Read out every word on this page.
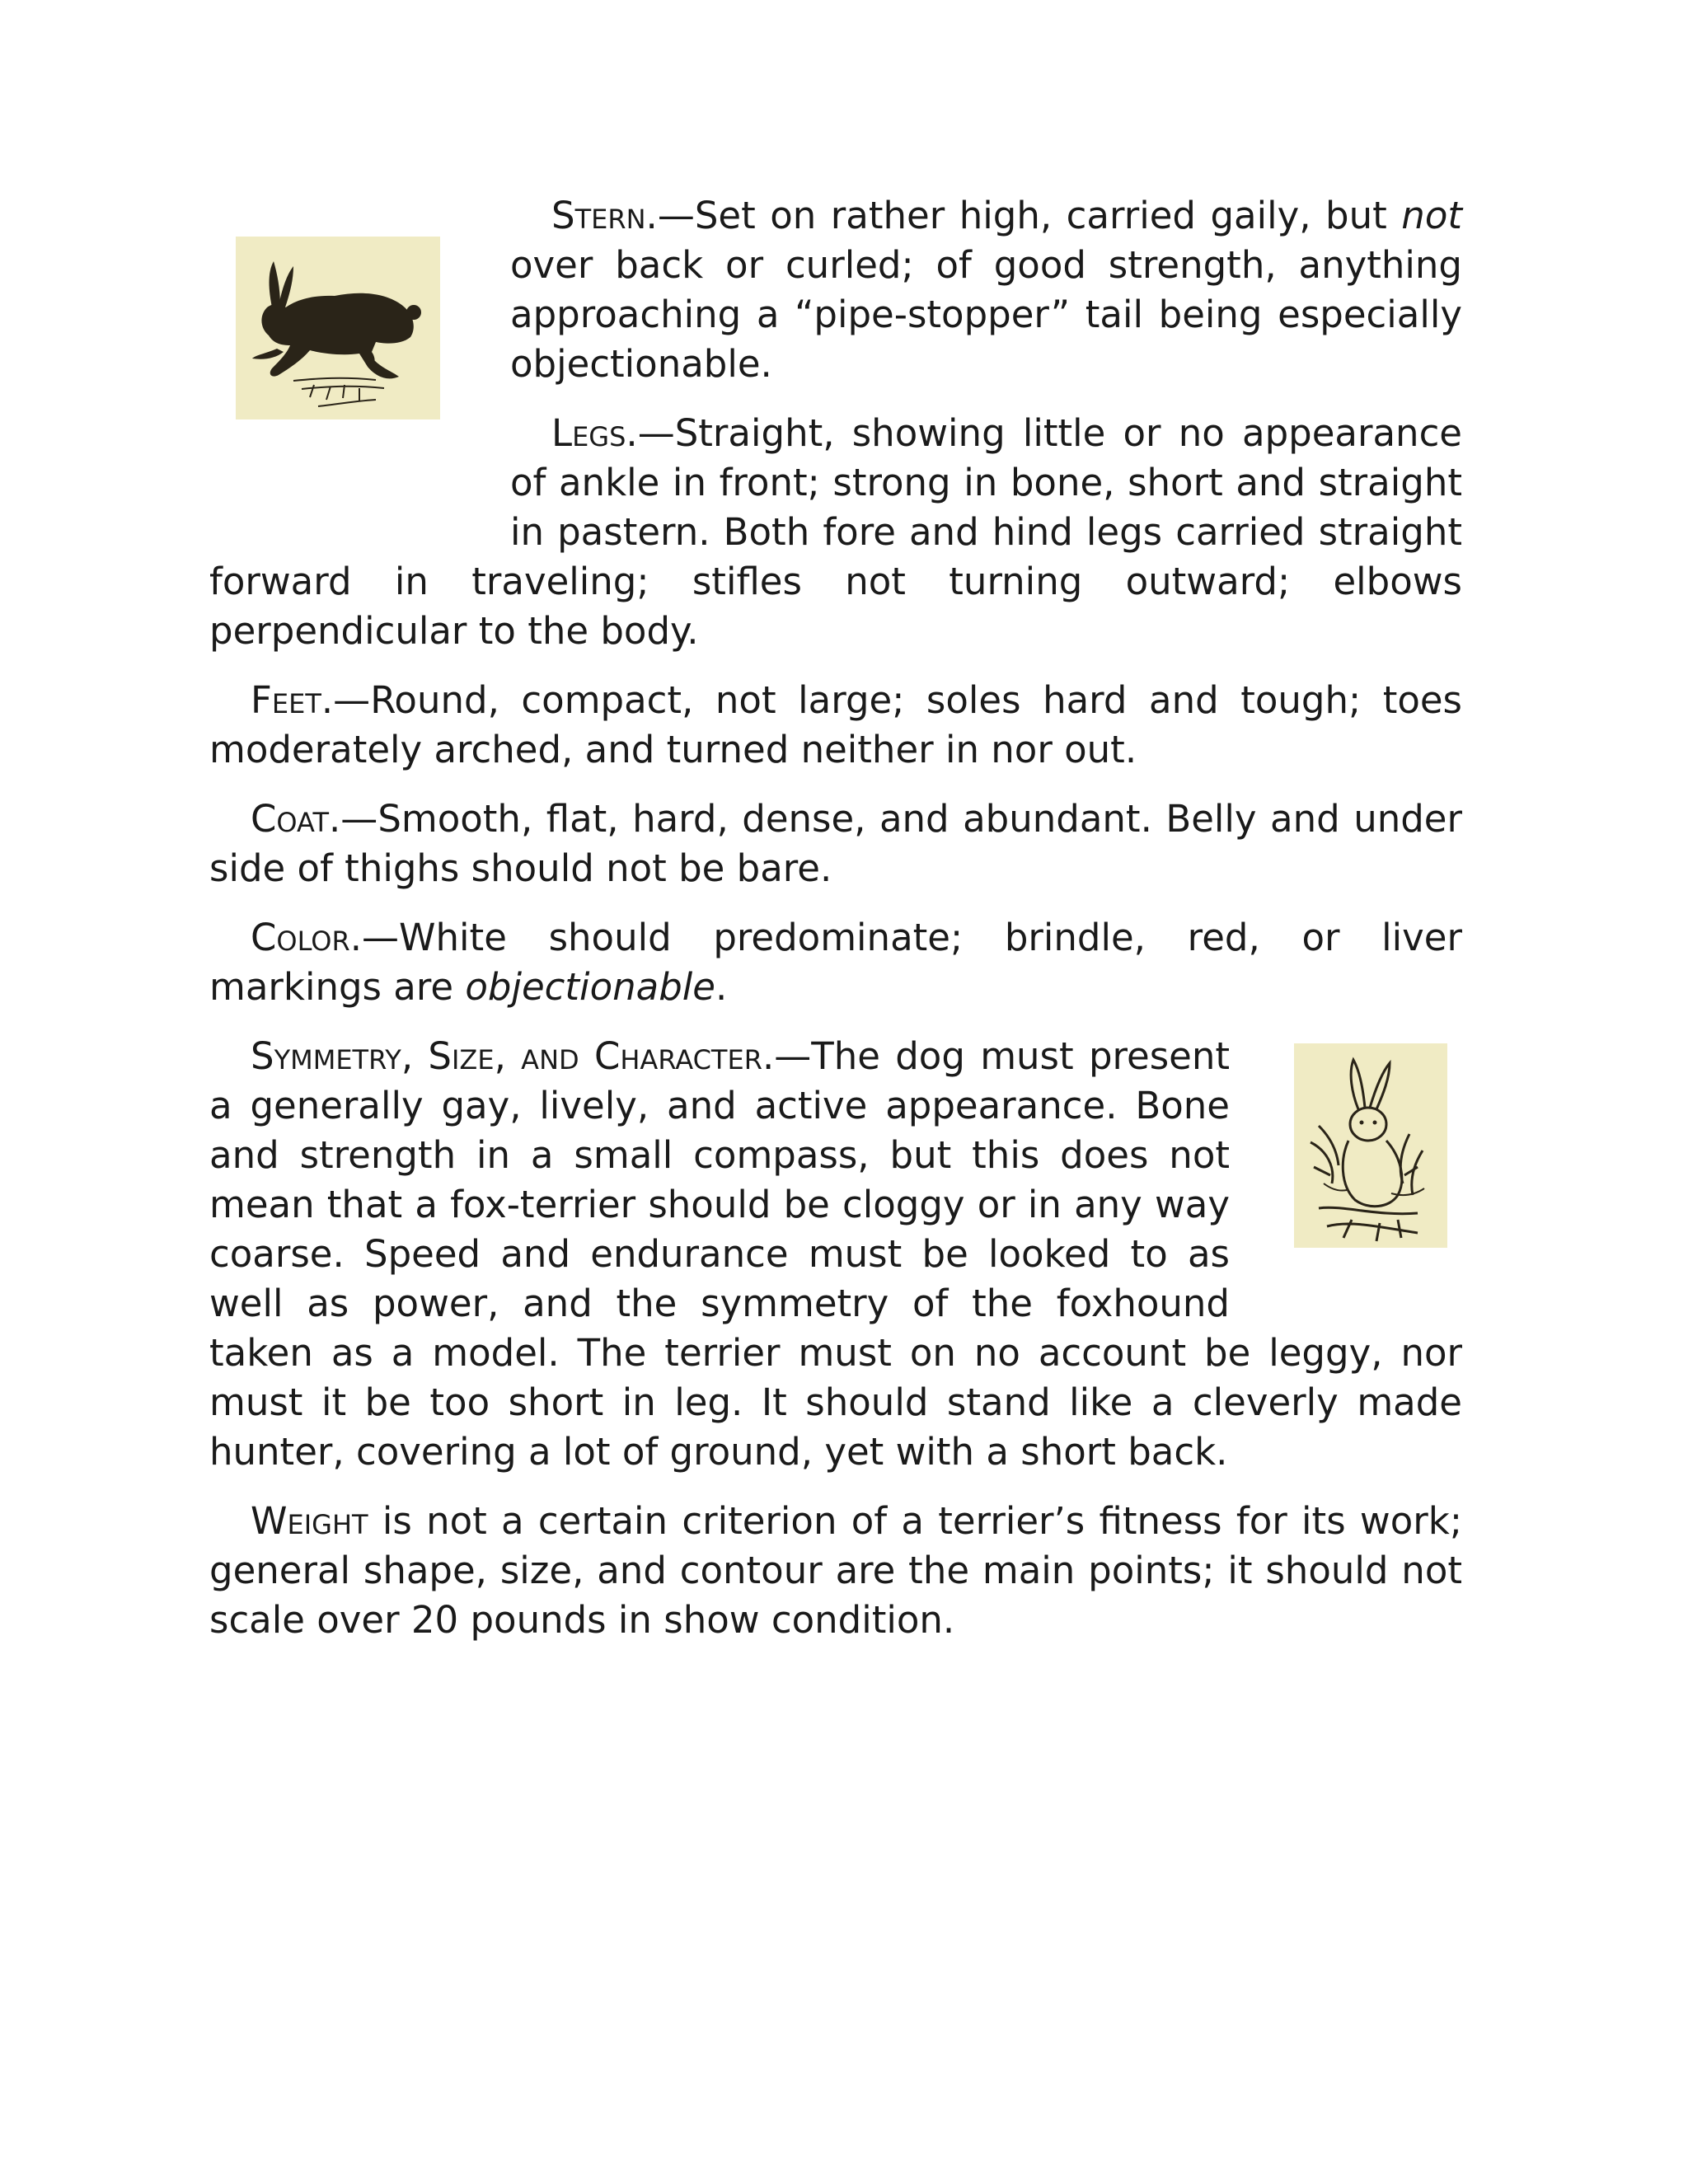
Stern.—Set on rather high, carried gaily, but not over back or curled; of good strength, anything approaching a “pipe-stopper” tail being especially objectionable.

Legs.—Straight, showing little or no appearance of ankle in front; strong in bone, short and straight in pastern. Both fore and hind legs carried straight forward in traveling; stifles not turning outward; elbows perpendicular to the body.

Feet.—Round, compact, not large; soles hard and tough; toes moderately arched, and turned neither in nor out.

Coat.—Smooth, flat, hard, dense, and abundant. Belly and under side of thighs should not be bare.

Color.—White should predominate; brindle, red, or liver markings are objectionable.

Symmetry, Size, and Character.—The dog must present a generally gay, lively, and active appearance. Bone and strength in a small compass, but this does not mean that a fox-terrier should be cloggy or in any way coarse. Speed and endurance must be looked to as well as power, and the symmetry of the foxhound taken as a model. The terrier must on no account be leggy, nor must it be too short in leg. It should stand like a cleverly made hunter, covering a lot of ground, yet with a short back.

Weight is not a certain criterion of a terrier’s fitness for its work; general shape, size, and contour are the main points; it should not scale over 20 pounds in show condition.
